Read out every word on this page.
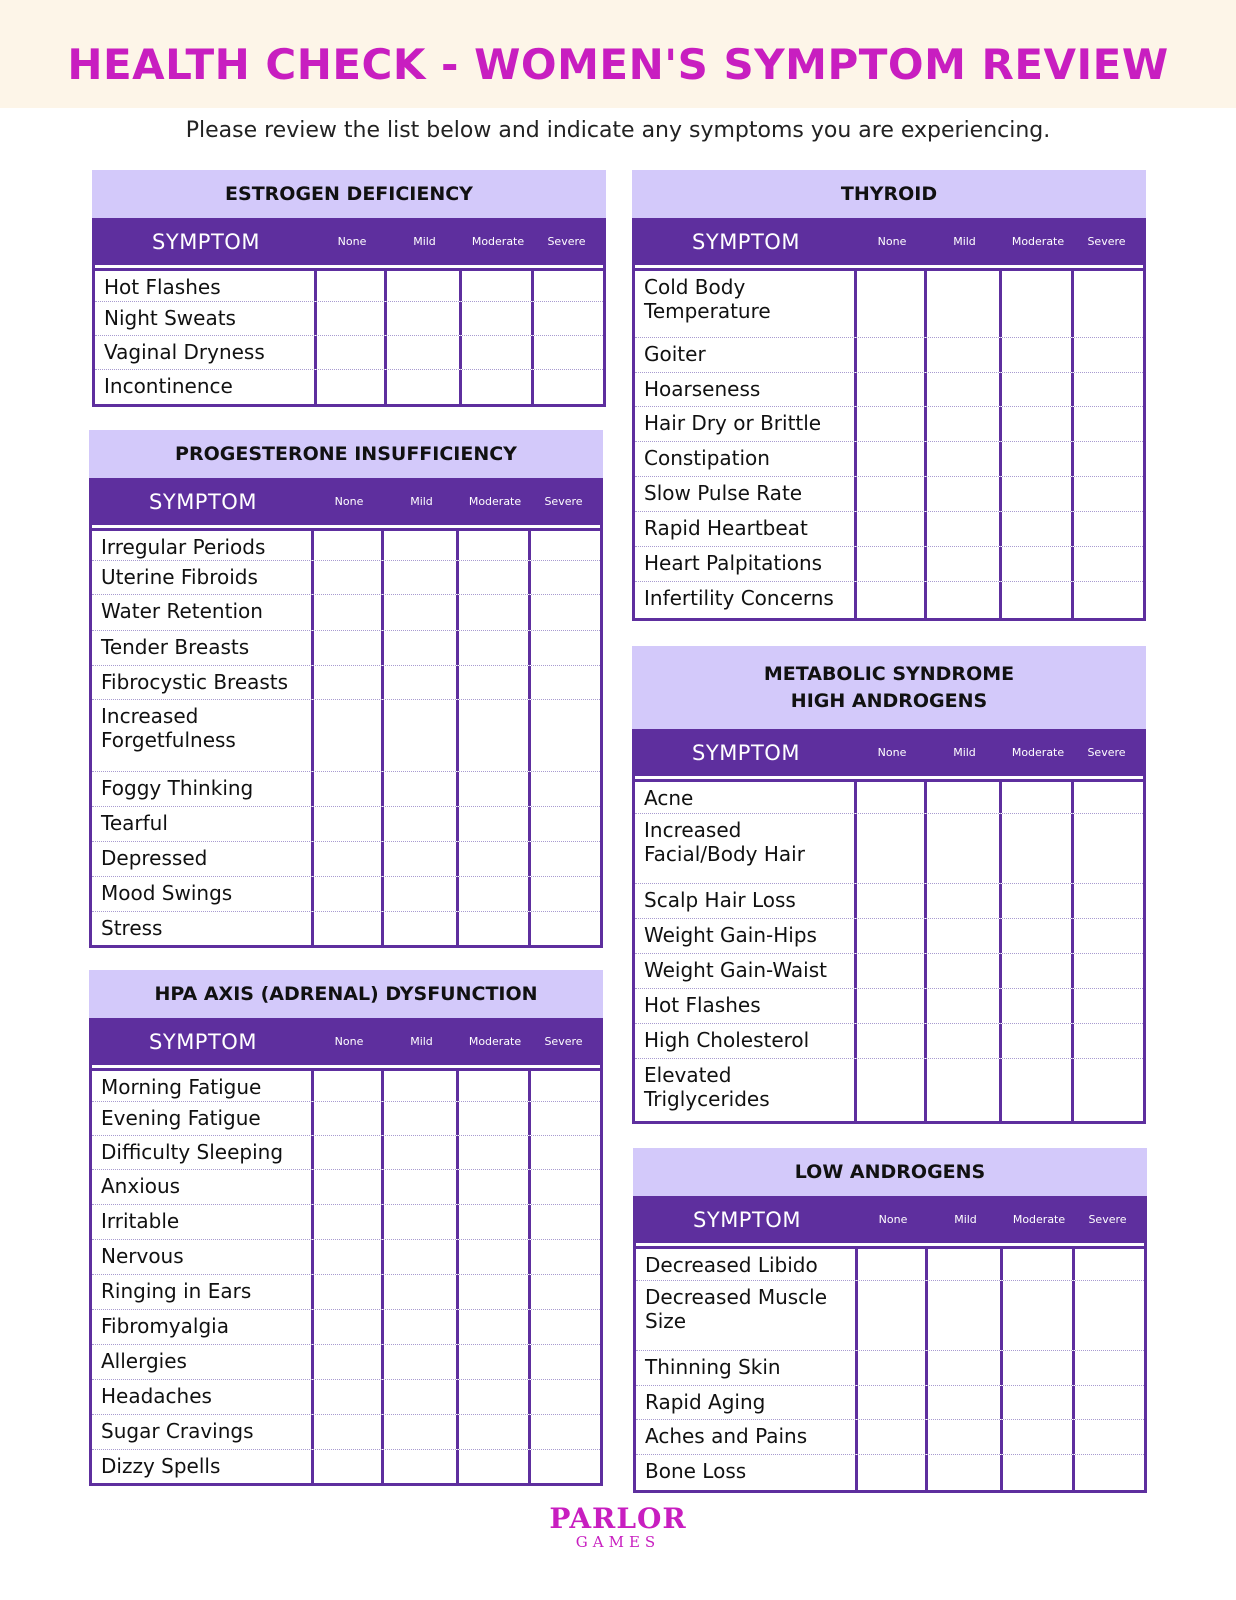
HEALTH CHECK - WOMEN'S SYMPTOM REVIEW
Please review the list below and indicate any symptoms you are experiencing.
ESTROGEN DEFICIENCY
SYMPTOM	None	Mild	Moderate	Severe
Hot Flashes
Night Sweats
Vaginal Dryness
Incontinence
PROGESTERONE INSUFFICIENCY
SYMPTOM	None	Mild	Moderate	Severe
Irregular Periods
Uterine Fibroids
Water Retention
Tender Breasts
Fibrocystic Breasts
Increased Forgetfulness
Foggy Thinking
Tearful
Depressed
Mood Swings
Stress
HPA AXIS (ADRENAL) DYSFUNCTION
SYMPTOM	None	Mild	Moderate	Severe
Morning Fatigue
Evening Fatigue
Difficulty Sleeping
Anxious
Irritable
Nervous
Ringing in Ears
Fibromyalgia
Allergies
Headaches
Sugar Cravings
Dizzy Spells
THYROID
SYMPTOM	None	Mild	Moderate	Severe
Cold Body Temperature
Goiter
Hoarseness
Hair Dry or Brittle
Constipation
Slow Pulse Rate
Rapid Heartbeat
Heart Palpitations
Infertility Concerns
METABOLIC SYNDROME
HIGH ANDROGENS
SYMPTOM	None	Mild	Moderate	Severe
Acne
Increased Facial/Body Hair
Scalp Hair Loss
Weight Gain-Hips
Weight Gain-Waist
Hot Flashes
High Cholesterol
Elevated Triglycerides
LOW ANDROGENS
SYMPTOM	None	Mild	Moderate	Severe
Decreased Libido
Decreased Muscle Size
Thinning Skin
Rapid Aging
Aches and Pains
Bone Loss
PARLOR
GAMES
